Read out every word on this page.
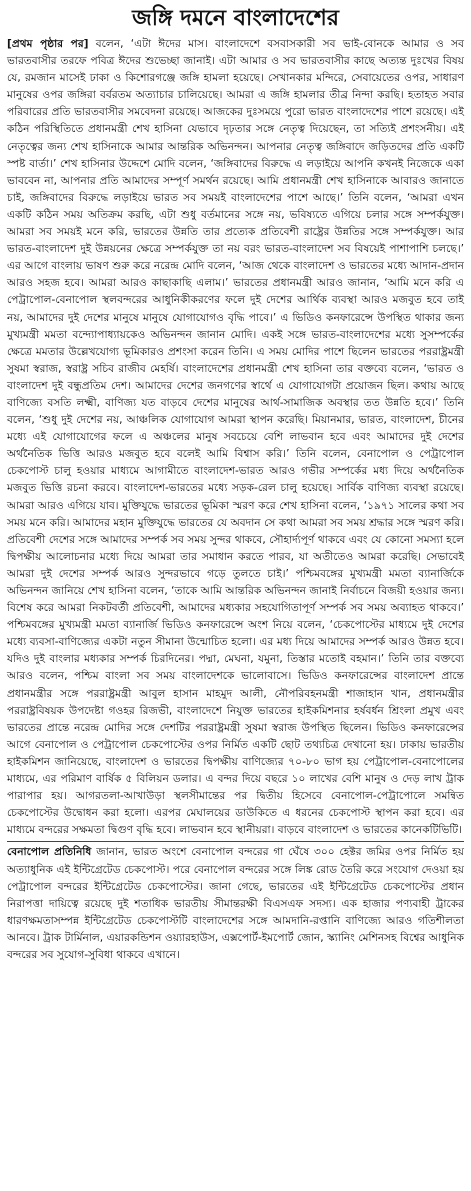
জঙ্গি দমনে বাংলাদেশের

[প্রথম পৃষ্ঠার পর] বলেন, ‘এটা ঈদের মাস। বাংলাদেশে বসবাসকারী সব ভাই-বোনকে আমার ও সব ভারতবাসীর তরফে পবিত্র ঈদের শুভেচ্ছা জানাই। এটা আমার ও সব ভারতবাসীর কাছে অত্যন্ত দুঃখের বিষয় যে, রমজান মাসেই ঢাকা ও কিশোরগঞ্জে জঙ্গি হামলা হয়েছে। সেখানকার মন্দিরে, সেবায়েতের ওপর, সাধারণ মানুষের ওপর জঙ্গিরা বর্বরতম অত্যাচার চালিয়েছে। আমরা এ জঙ্গি হামলার তীব্র নিন্দা করছি। হতাহত সবার পরিবারের প্রতি ভারতবাসীর সমবেদনা রয়েছে। আজকের দুঃসময়ে পুরো ভারত বাংলাদেশের পাশে রয়েছে। এই কঠিন পরিস্থিতিতে প্রধানমন্ত্রী শেখ হাসিনা যেভাবে দৃঢ়তার সঙ্গে নেতৃত্ব দিয়েছেন, তা সত্যিই প্রশংসনীয়। এই নেতৃত্বের জন্য শেখ হাসিনাকে আমার আন্তরিক অভিনন্দন। আপনার নেতৃত্ব জঙ্গিবাদে জড়িতদের প্রতি একটি স্পষ্ট বার্তা।’ শেখ হাসিনার উদ্দেশে মোদি বলেন, ‘জঙ্গিবাদের বিরুদ্ধে এ লড়াইয়ে আপনি কখনই নিজেকে একা ভাববেন না, আপনার প্রতি আমাদের সম্পূর্ণ সমর্থন রয়েছে। আমি প্রধানমন্ত্রী শেখ হাসিনাকে আবারও জানাতে চাই, জঙ্গিবাদের বিরুদ্ধে লড়াইয়ে ভারত সব সময়ই বাংলাদেশের পাশে আছে।’ তিনি বলেন, ‘আমরা এখন একটি কঠিন সময় অতিক্রম করছি, এটা শুধু বর্তমানের সঙ্গে নয়, ভবিষ্যতে এগিয়ে চলার সঙ্গে সম্পর্কযুক্ত। আমরা সব সময়ই মনে করি, ভারতের উন্নতি তার প্রত্যেক প্রতিবেশী রাষ্ট্রের উন্নতির সঙ্গে সম্পর্কযুক্ত। আর ভারত-বাংলাদেশ দুই উন্নয়নের ক্ষেত্রে সম্পর্কযুক্ত তা নয় বরং ভারত-বাংলাদেশ সব বিষয়েই পাশাপাশি চলছে।’ এর আগে বাংলায় ভাষণ শুরু করে নরেন্দ্র মোদি বলেন, ‘আজ থেকে বাংলাদেশ ও ভারতের মধ্যে আদান-প্রদান আরও সহজ হবে। আমরা আরও কাছাকাছি এলাম।’ ভারতের প্রধানমন্ত্রী আরও জানান, ‘আমি মনে করি এ পেট্রাপোল-বেনাপোল স্থলবন্দরের আধুনিকীকরণের ফলে দুই দেশের আর্থিক ব্যবস্থা আরও মজবুত হবে তাই নয়, আমাদের দুই দেশের মানুষে মানুষে যোগাযোগও বৃদ্ধি পাবে।’ এ ভিডিও কনফারেন্সে উপস্থিত থাকার জন্য মুখ্যমন্ত্রী মমতা বন্দ্যোপাধ্যায়কেও অভিনন্দন জানান মোদি। একই সঙ্গে ভারত-বাংলাদেশের মধ্যে সুসম্পর্কের ক্ষেত্রে মমতার উল্লেখযোগ্য ভূমিকারও প্রশংসা করেন তিনি। এ সময় মোদির পাশে ছিলেন ভারতের পররাষ্ট্রমন্ত্রী সুষমা স্বরাজ, স্বরাষ্ট্র সচিব রাজীব মেহর্ষি। বাংলাদেশের প্রধানমন্ত্রী শেখ হাসিনা তার বক্তব্যে বলেন, ‘ভারত ও বাংলাদেশ দুই বন্ধুপ্রতিম দেশ। আমাদের দেশের জনগণের স্বার্থে এ যোগাযোগটা প্রয়োজন ছিল। কথায় আছে বাণিজ্যে বসতি লক্ষ্মী, বাণিজ্য যত বাড়বে দেশের মানুষের আর্থ-সামাজিক অবস্থার তত উন্নতি হবে।’ তিনি বলেন, ‘শুধু দুই দেশের নয়, আঞ্চলিক যোগাযোগ আমরা স্থাপন করেছি। মিয়ানমার, ভারত, বাংলাদেশ, চীনের মধ্যে এই যোগাযোগের ফলে এ অঞ্চলের মানুষ সবচেয়ে বেশি লাভবান হবে এবং আমাদের দুই দেশের অর্থনৈতিক ভিত্তি আরও মজবুত হবে বলেই আমি বিশ্বাস করি।’ তিনি বলেন, বেনাপোল ও পেট্রাপোল চেকপোস্ট চালু হওয়ার মাধ্যমে আগামীতে বাংলাদেশ-ভারত আরও গভীর সম্পর্কের মধ্য দিয়ে অর্থনৈতিক মজবুত ভিত্তি রচনা করবে। বাংলাদেশ-ভারতের মধ্যে সড়ক-রেল চালু হয়েছে। সার্বিক বাণিজ্য ব্যবস্থা রয়েছে। আমরা আরও এগিয়ে যাব। মুক্তিযুদ্ধে ভারতের ভূমিকা স্মরণ করে শেখ হাসিনা বলেন, ‘১৯৭১ সালের কথা সব সময় মনে করি। আমাদের মহান মুক্তিযুদ্ধে ভারতের যে অবদান সে কথা আমরা সব সময় শ্রদ্ধার সঙ্গে স্মরণ করি। প্রতিবেশী দেশের সঙ্গে আমাদের সম্পর্ক সব সময় সুন্দর থাকবে, সৌহার্দ্যপূর্ণ থাকবে এবং যে কোনো সমস্যা হলে দ্বিপক্ষীয় আলোচনার মধ্যে দিয়ে আমরা তার সমাধান করতে পারব, যা অতীতেও আমরা করেছি। সেভাবেই আমরা দুই দেশের সম্পর্ক আরও সুন্দরভাবে গড়ে তুলতে চাই।’ পশ্চিমবঙ্গের মুখ্যমন্ত্রী মমতা ব্যানার্জিকে অভিনন্দন জানিয়ে শেখ হাসিনা বলেন, ‘তাকে আমি আন্তরিক অভিনন্দন জানাই নির্বাচনে বিজয়ী হওয়ার জন্য। বিশেষ করে আমরা নিকটবর্তী প্রতিবেশী, আমাদের মধ্যকার সহযোগিতাপূর্ণ সম্পর্ক সব সময় অব্যাহত থাকবে।’ পশ্চিমবঙ্গের মুখ্যমন্ত্রী মমতা ব্যানার্জি ভিডিও কনফারেন্সে অংশ নিয়ে বলেন, ‘চেকপোস্টের মাধ্যমে দুই দেশের মধ্যে ব্যবসা-বাণিজ্যের একটা নতুন সীমানা উন্মোচিত হলো। এর মধ্য দিয়ে আমাদের সম্পর্ক আরও উন্নত হবে। যদিও দুই বাংলার মধ্যকার সম্পর্ক চিরদিনের। পদ্মা, মেঘনা, যমুনা, তিস্তার মতোই বহমান।’ তিনি তার বক্তব্যে আরও বলেন, পশ্চিম বাংলা সব সময় বাংলাদেশকে ভালোবাসে। ভিডিও কনফারেন্সের বাংলাদেশ প্রান্তে প্রধানমন্ত্রীর সঙ্গে পররাষ্ট্রমন্ত্রী আবুল হাসান মাহমুদ আলী, নৌপরিবহনমন্ত্রী শাজাহান খান, প্রধানমন্ত্রীর পররাষ্ট্রবিষয়ক উপদেষ্টা গওহর রিজভী, বাংলাদেশে নিযুক্ত ভারতের হাইকমিশনার হর্ষবর্ধন শ্রিংলা প্রমুখ এবং ভারতের প্রান্তে নরেন্দ্র মোদির সঙ্গে দেশটির পররাষ্ট্রমন্ত্রী সুষমা স্বরাজ উপস্থিত ছিলেন। ভিডিও কনফারেন্সের আগে বেনাপোল ও পেট্রাপোল চেকপোস্টের ওপর নির্মিত একটি ছোট তথ্যচিত্র দেখানো হয়। ঢাকায় ভারতীয় হাইকমিশন জানিয়েছে, বাংলাদেশ ও ভারতের দ্বিপক্ষীয় বাণিজ্যের ৭০-৮০ ভাগ হয় পেট্রাপোল-বেনাপোলের মাধ্যমে, এর পরিমাণ বার্ষিক ৫ বিলিয়ন ডলার। এ বন্দর দিয়ে বছরে ১০ লাখের বেশি মানুষ ও দেড় লাখ ট্রাক পারাপার হয়। আগরতলা-আখাউড়া স্থলসীমান্তের পর দ্বিতীয় হিসেবে বেনাপোল-পেট্রাপোলে সমন্বিত চেকপোস্টের উদ্বোধন করা হলো। এরপর মেঘালয়ের ডাউকিতে এ ধরনের চেকপোস্ট স্থাপন করা হবে। এর মাধ্যমে বন্দরের সক্ষমতা দ্বিগুণ বৃদ্ধি হবে। লাভবান হবে স্থানীয়রা। বাড়বে বাংলাদেশ ও ভারতের কানেকটিভিটি।

বেনাপোল প্রতিনিধি জানান, ভারত অংশে বেনাপোল বন্দরের গা ঘেঁষে ৩০০ হেক্টর জমির ওপর নির্মিত হয় অত্যাধুনিক এই ইন্টিগ্রেটেড চেকপোস্ট। পরে বেনাপোল বন্দরের সঙ্গে লিঙ্ক রোড তৈরি করে সংযোগ দেওয়া হয় পেট্রাপোল বন্দরের ইন্টিগ্রেটেড চেকপোস্টের। জানা গেছে, ভারতের এই ইন্টিগ্রেটেড চেকপোস্টের প্রধান নিরাপত্তা দায়িত্বে রয়েছে দুই শতাধিক ভারতীয় সীমান্তরক্ষী বিএসএফ সদস্য। এক হাজার পণ্যবাহী ট্রাকের ধারণক্ষমতাসম্পন্ন ইন্টিগ্রেটেড চেকপোস্টটি বাংলাদেশের সঙ্গে আমদানি-রপ্তানি বাণিজ্যে আরও গতিশীলতা আনবে। ট্রাক টার্মিনাল, এয়ারকন্ডিশন ওয়্যারহাউস, এক্সপোর্ট-ইমপোর্ট জোন, স্ক্যানিং মেশিনসহ বিশ্বের আধুনিক বন্দরের সব সুযোগ-সুবিধা থাকবে এখানে।
